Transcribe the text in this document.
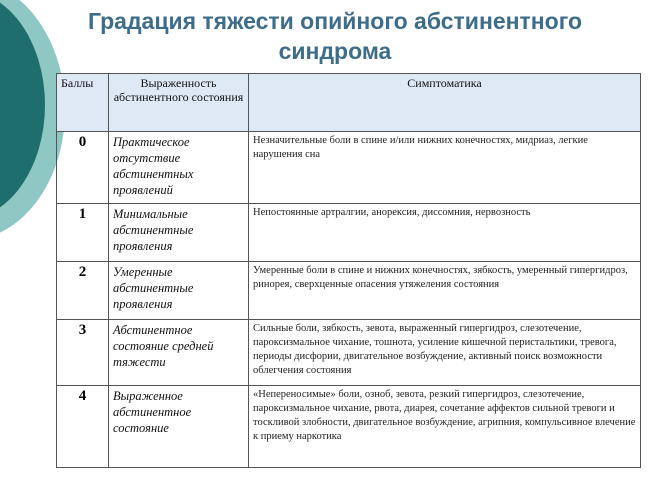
Градация тяжести опийного абстинентного синдрома
Баллы	Выраженность абстинентного состояния	Симптоматика
0	Практическое отсутствие абстинентных проявлений	Незначительные боли в спине и/или нижних конечностях, мидриаз, легкие нарушения сна
1	Минимальные абстинентные проявления	Непостоянные артралгии, анорексия, диссомния, нервозность
2	Умеренные абстинентные проявления	Умеренные боли в спине и нижних конечностях, зябкость, умеренный гипергидроз, ринорея, сверхценные опасения утяжеления состояния
3	Абстинентное состояние средней тяжести	Сильные боли, зябкость, зевота, выраженный гипергидроз, слезотечение, пароксизмальное чихание, тошнота, усиление кишечной перистальтики, тревога, периоды дисфории, двигательное возбуждение, активный поиск возможности облегчения состояния
4	Выраженное абстинентное состояние	«Непереносимые» боли, озноб, зевота, резкий гипергидроз, слезотечение, пароксизмальное чихание, рвота, диарея, сочетание аффектов сильной тревоги и тоскливой злобности, двигательное возбуждение, агрипния, компульсивное влечение к приему наркотика
